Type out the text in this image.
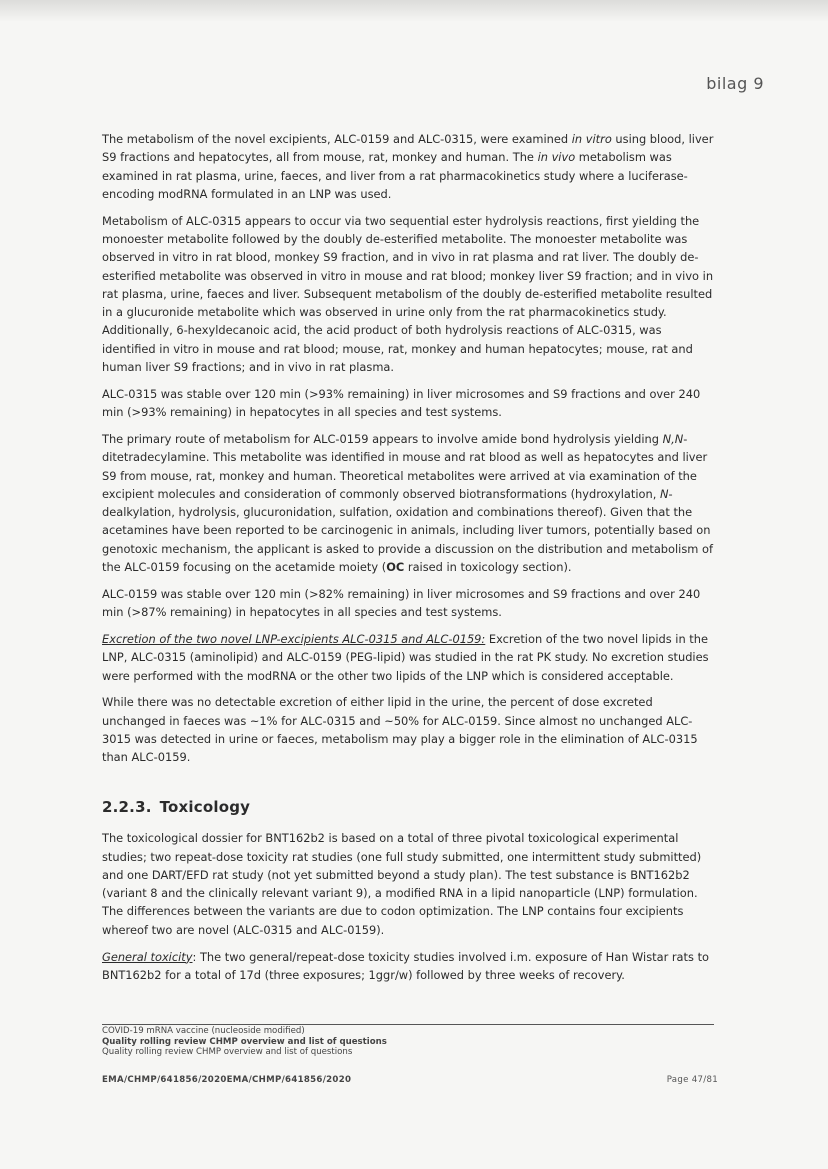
bilag 9

The metabolism of the novel excipients, ALC-0159 and ALC-0315, were examined in vitro using blood, liver S9 fractions and hepatocytes, all from mouse, rat, monkey and human. The in vivo metabolism was examined in rat plasma, urine, faeces, and liver from a rat pharmacokinetics study where a luciferase-encoding modRNA formulated in an LNP was used.

Metabolism of ALC-0315 appears to occur via two sequential ester hydrolysis reactions, first yielding the monoester metabolite followed by the doubly de-esterified metabolite. The monoester metabolite was observed in vitro in rat blood, monkey S9 fraction, and in vivo in rat plasma and rat liver. The doubly de-esterified metabolite was observed in vitro in mouse and rat blood; monkey liver S9 fraction; and in vivo in rat plasma, urine, faeces and liver. Subsequent metabolism of the doubly de-esterified metabolite resulted in a glucuronide metabolite which was observed in urine only from the rat pharmacokinetics study. Additionally, 6-hexyldecanoic acid, the acid product of both hydrolysis reactions of ALC-0315, was identified in vitro in mouse and rat blood; mouse, rat, monkey and human hepatocytes; mouse, rat and human liver S9 fractions; and in vivo in rat plasma.

ALC-0315 was stable over 120 min (>93% remaining) in liver microsomes and S9 fractions and over 240 min (>93% remaining) in hepatocytes in all species and test systems.

The primary route of metabolism for ALC-0159 appears to involve amide bond hydrolysis yielding N,N-ditetradecylamine. This metabolite was identified in mouse and rat blood as well as hepatocytes and liver S9 from mouse, rat, monkey and human. Theoretical metabolites were arrived at via examination of the excipient molecules and consideration of commonly observed biotransformations (hydroxylation, N-dealkylation, hydrolysis, glucuronidation, sulfation, oxidation and combinations thereof). Given that the acetamines have been reported to be carcinogenic in animals, including liver tumors, potentially based on genotoxic mechanism, the applicant is asked to provide a discussion on the distribution and metabolism of the ALC-0159 focusing on the acetamide moiety (OC raised in toxicology section).

ALC-0159 was stable over 120 min (>82% remaining) in liver microsomes and S9 fractions and over 240 min (>87% remaining) in hepatocytes in all species and test systems.

Excretion of the two novel LNP-excipients ALC-0315 and ALC-0159: Excretion of the two novel lipids in the LNP, ALC-0315 (aminolipid) and ALC-0159 (PEG-lipid) was studied in the rat PK study. No excretion studies were performed with the modRNA or the other two lipids of the LNP which is considered acceptable.

While there was no detectable excretion of either lipid in the urine, the percent of dose excreted unchanged in faeces was ~1% for ALC-0315 and ~50% for ALC-0159. Since almost no unchanged ALC-3015 was detected in urine or faeces, metabolism may play a bigger role in the elimination of ALC-0315 than ALC-0159.

2.2.3. Toxicology

The toxicological dossier for BNT162b2 is based on a total of three pivotal toxicological experimental studies; two repeat-dose toxicity rat studies (one full study submitted, one intermittent study submitted) and one DART/EFD rat study (not yet submitted beyond a study plan). The test substance is BNT162b2 (variant 8 and the clinically relevant variant 9), a modified RNA in a lipid nanoparticle (LNP) formulation. The differences between the variants are due to codon optimization. The LNP contains four excipients whereof two are novel (ALC-0315 and ALC-0159).

General toxicity: The two general/repeat-dose toxicity studies involved i.m. exposure of Han Wistar rats to BNT162b2 for a total of 17d (three exposures; 1ggr/w) followed by three weeks of recovery.

COVID-19 mRNA vaccine (nucleoside modified)
Quality rolling review CHMP overview and list of questions
Quality rolling review CHMP overview and list of questions
EMA/CHMP/641856/2020EMA/CHMP/641856/2020	Page 47/81
